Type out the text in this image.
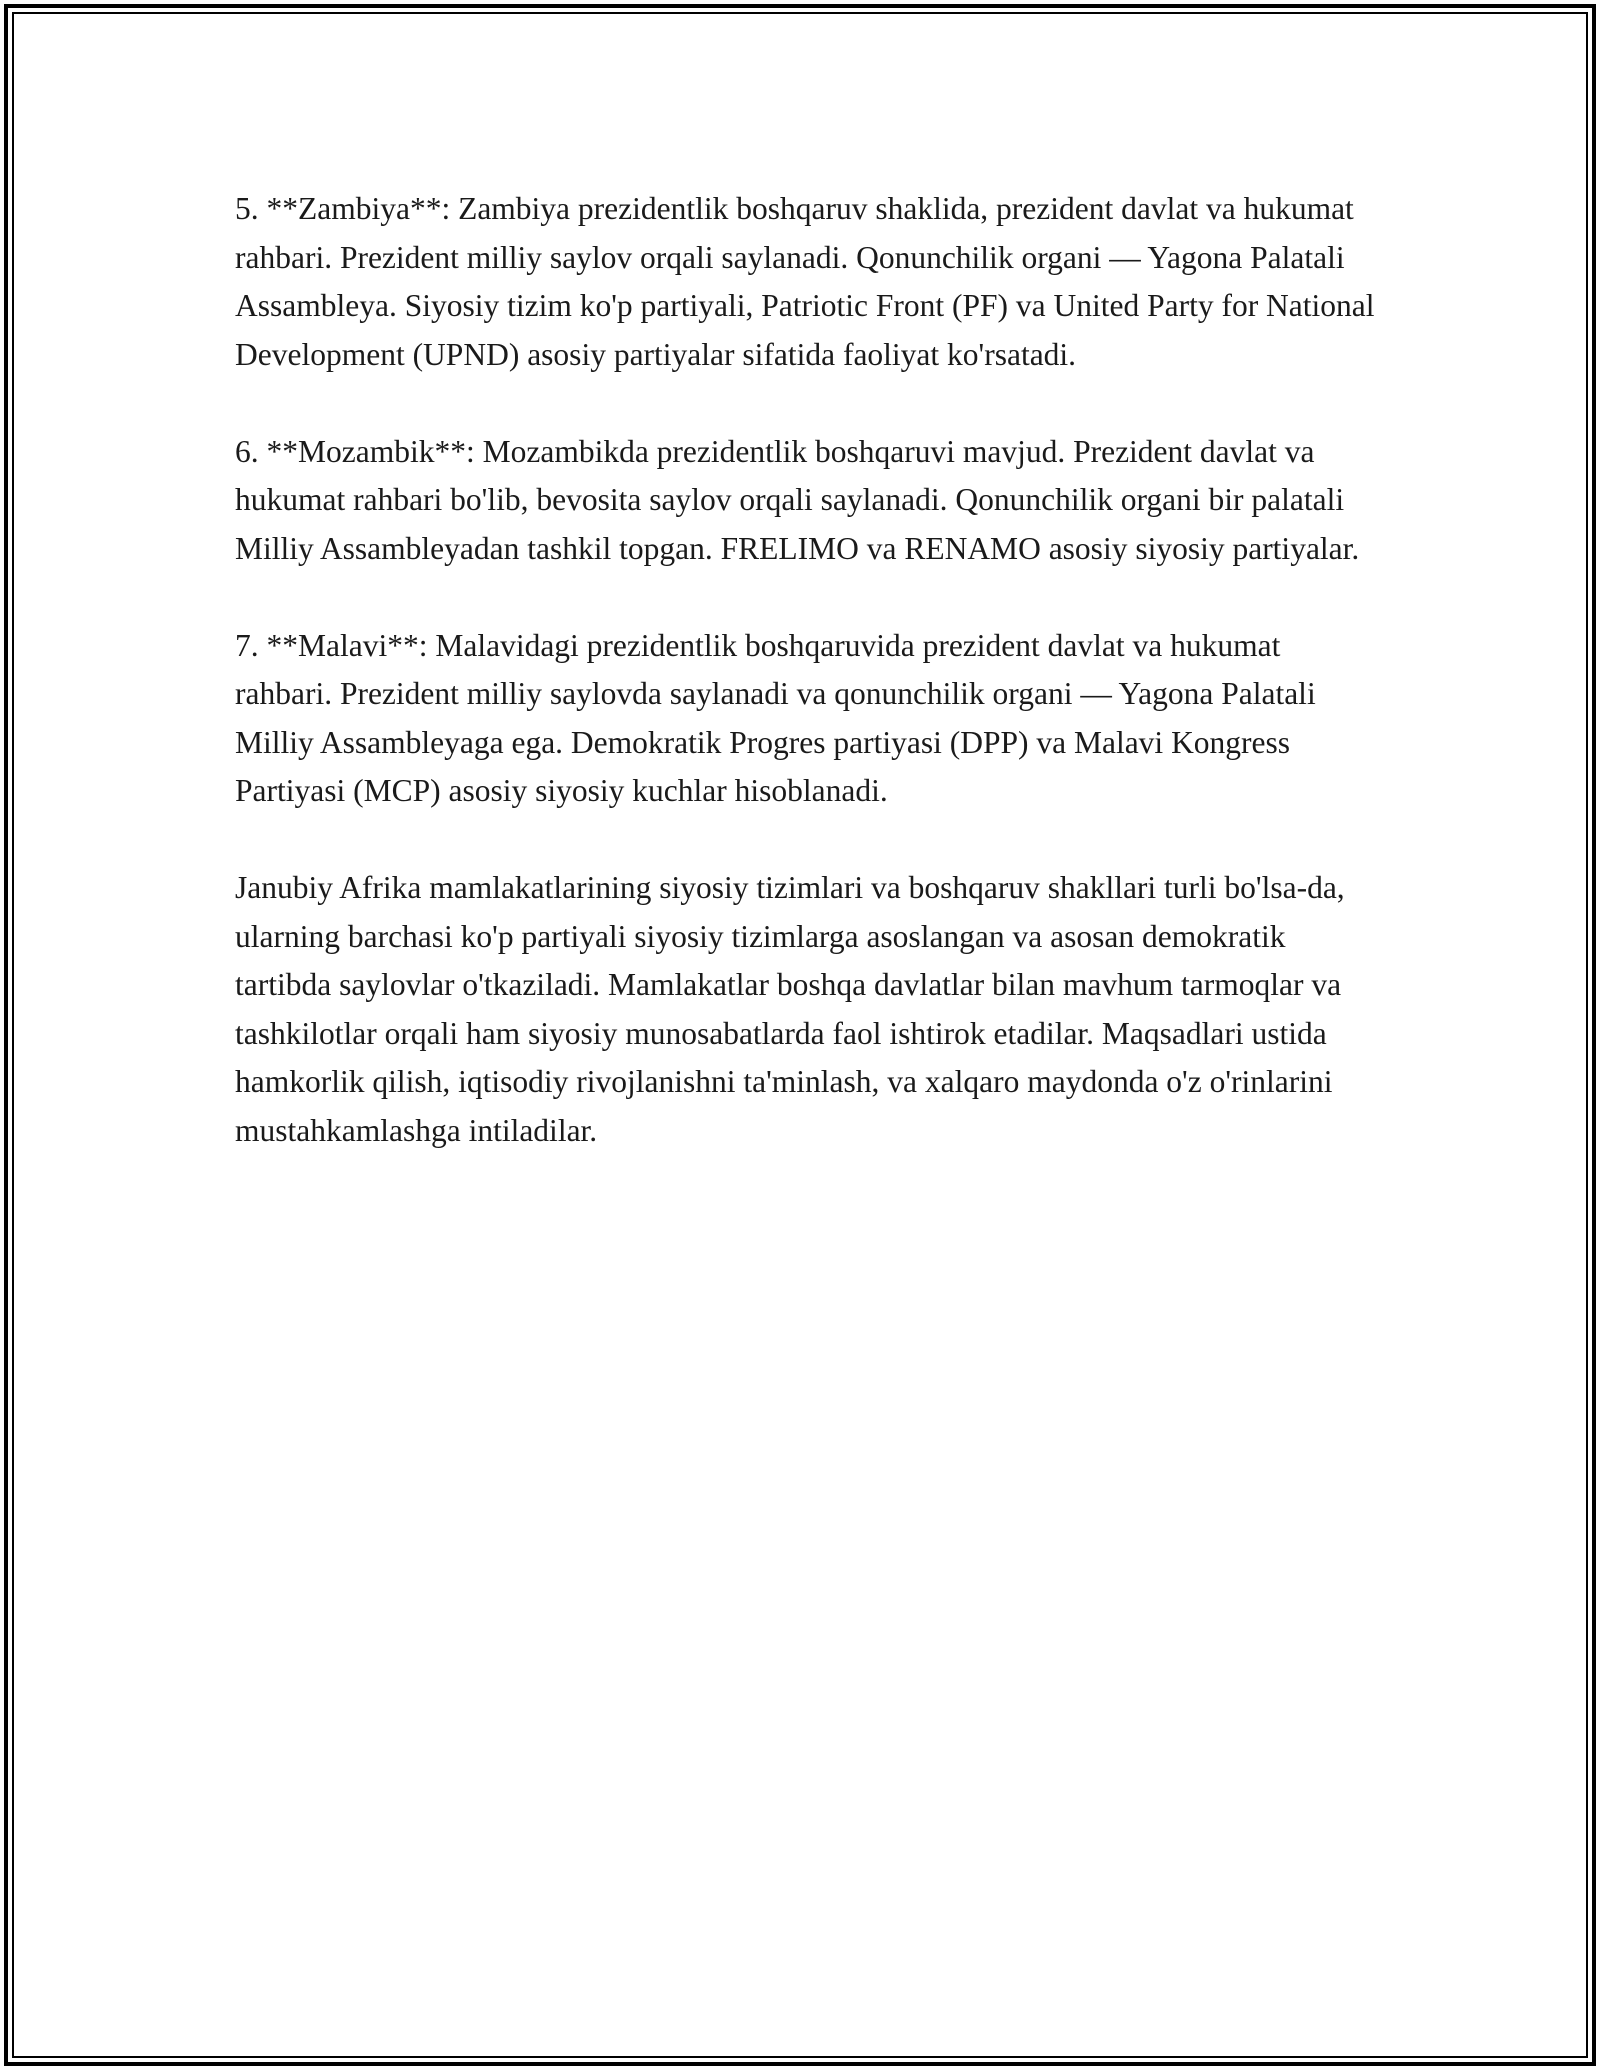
5. **Zambiya**: Zambiya prezidentlik boshqaruv shaklida, prezident davlat va hukumat rahbari. Prezident milliy saylov orqali saylanadi. Qonunchilik organi — Yagona Palatali Assambleya. Siyosiy tizim ko'p partiyali, Patriotic Front (PF) va United Party for National Development (UPND) asosiy partiyalar sifatida faoliyat ko'rsatadi.

6. **Mozambik**: Mozambikda prezidentlik boshqaruvi mavjud. Prezident davlat va hukumat rahbari bo'lib, bevosita saylov orqali saylanadi. Qonunchilik organi bir palatali Milliy Assambleyadan tashkil topgan. FRELIMO va RENAMO asosiy siyosiy partiyalar.

7. **Malavi**: Malavidagi prezidentlik boshqaruvida prezident davlat va hukumat rahbari. Prezident milliy saylovda saylanadi va qonunchilik organi — Yagona Palatali Milliy Assambleyaga ega. Demokratik Progres partiyasi (DPP) va Malavi Kongress Partiyasi (MCP) asosiy siyosiy kuchlar hisoblanadi.

Janubiy Afrika mamlakatlarining siyosiy tizimlari va boshqaruv shakllari turli bo'lsa-da, ularning barchasi ko'p partiyali siyosiy tizimlarga asoslangan va asosan demokratik tartibda saylovlar o'tkaziladi. Mamlakatlar boshqa davlatlar bilan mavhum tarmoqlar va tashkilotlar orqali ham siyosiy munosabatlarda faol ishtirok etadilar. Maqsadlari ustida hamkorlik qilish, iqtisodiy rivojlanishni ta'minlash, va xalqaro maydonda o'z o'rinlarini mustahkamlashga intiladilar.
